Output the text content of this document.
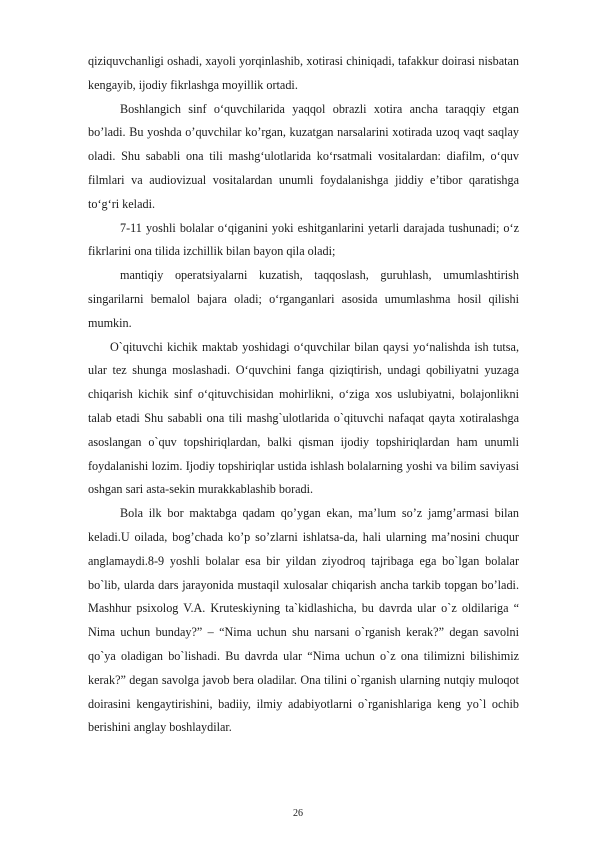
qiziquvchanligi oshadi, xayoli yorqinlashib, xotirasi chiniqadi, tafakkur doirasi nisbatan kengayib, ijodiy fikrlashga moyillik ortadi.

Boshlangich sinf o‘quvchilarida yaqqol obrazli xotira ancha taraqqiy etgan bo’ladi. Bu yoshda o’quvchilar ko’rgan, kuzatgan narsalarini xotirada uzoq vaqt saqlay oladi. Shu sababli ona tili mashg‘ulotlarida ko‘rsatmali vositalardan: diafilm, o‘quv filmlari va audiovizual vositalardan unumli foydalanishga jiddiy e’tibor qaratishga to‘g‘ri keladi.

7-11 yoshli bolalar o‘qiganini yoki eshitganlarini yetarli darajada tushunadi; o‘z fikrlarini ona tilida izchillik bilan bayon qila oladi;

mantiqiy operatsiyalarni kuzatish, taqqoslash, guruhlash, umumlashtirish singarilarni bemalol bajara oladi; o‘rganganlari asosida umumlashma hosil qilishi mumkin.

O`qituvchi kichik maktab yoshidagi o‘quvchilar bilan qaysi yo‘nalishda ish tutsa, ular tez shunga moslashadi. O‘quvchini fanga qiziqtirish, undagi qobiliyatni yuzaga chiqarish kichik sinf o‘qituvchisidan mohirlikni, o‘ziga xos uslubiyatni, bolajonlikni talab etadi Shu sababli ona tili mashg`ulotlarida o`qituvchi nafaqat qayta xotiralashga asoslangan o`quv topshiriqlardan, balki qisman ijodiy topshiriqlardan ham unumli foydalanishi lozim. Ijodiy topshiriqlar ustida ishlash bolalarning yoshi va bilim saviyasi oshgan sari asta-sekin murakkablashib boradi.

Bola ilk bor maktabga qadam qo’ygan ekan, ma’lum so’z jamg’armasi bilan keladi.U oilada, bog’chada ko’p so’zlarni ishlatsa-da, hali ularning ma’nosini chuqur anglamaydi.8-9 yoshli bolalar esa bir yildan ziyodroq tajribaga ega bo`lgan bolalar bo`lib, ularda dars jarayonida mustaqil xulosalar chiqarish ancha tarkib topgan bo’ladi. Mashhur psixolog V.A. Kruteskiyning ta`kidlashicha, bu davrda ular o`z oldilariga “ Nima uchun bunday?” – “Nima uchun shu narsani o`rganish kerak?” degan savolni qo`ya oladigan bo`lishadi. Bu davrda ular “Nima uchun o`z ona tilimizni bilishimiz kerak?” degan savolga javob bera oladilar. Ona tilini o`rganish ularning nutqiy muloqot doirasini kengaytirishini, badiiy, ilmiy adabiyotlarni o`rganishlariga keng yo`l ochib berishini anglay boshlaydilar.

26
